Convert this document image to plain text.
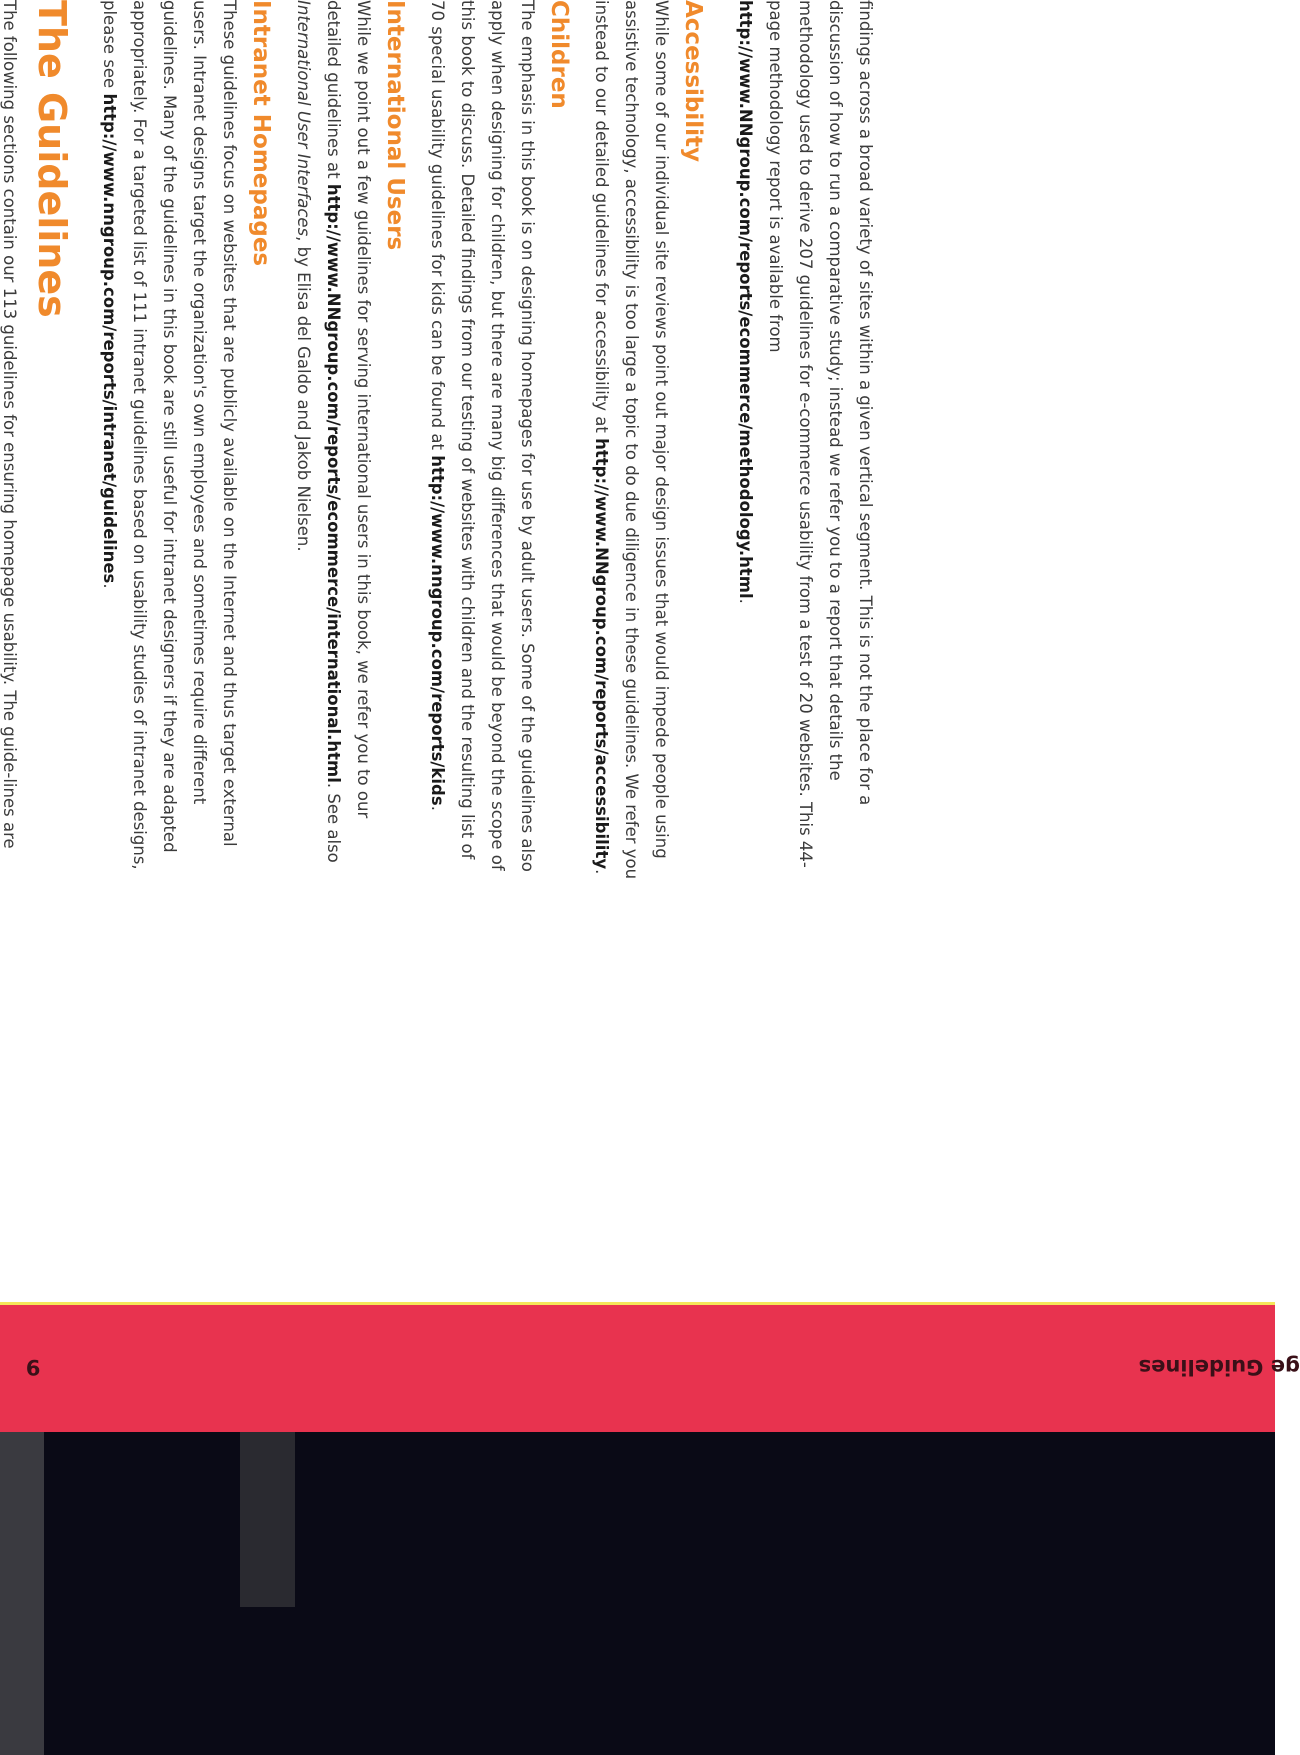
9	ge Guidelines

findings across a broad variety of sites within a given vertical segment. This is not the place for a discussion of how to run a comparative study; instead we refer you to a report that details the methodology used to derive 207 guidelines for e-commerce usability from a test of 20 websites. This 44-page methodology report is available from http://www.NNgroup.com/reports/ecommerce/methodology.html.

Accessibility

While some of our individual site reviews point out major design issues that would impede people using assistive technology, accessibility is too large a topic to do due diligence in these guidelines. We refer you instead to our detailed guidelines for accessibility at http://www.NNgroup.com/reports/accessibility.

Children

The emphasis in this book is on designing homepages for use by adult users. Some of the guidelines also apply when designing for children, but there are many big differences that would be beyond the scope of this book to discuss. Detailed findings from our testing of websites with children and the resulting list of 70 special usability guidelines for kids can be found at http://www.nngroup.com/reports/kids.

International Users

While we point out a few guidelines for serving international users in this book, we refer you to our detailed guidelines at http://www.NNgroup.com/reports/ecommerce/international.html. See also International User Interfaces, by Elisa del Galdo and Jakob Nielsen.

Intranet Homepages

These guidelines focus on websites that are publicly available on the Internet and thus target external users. Intranet designs target the organization's own employees and sometimes require different guidelines. Many of the guidelines in this book are still useful for intranet designers if they are adapted appropriately. For a targeted list of 111 intranet guidelines based on usability studies of intranet designs, please see http://www.nngroup.com/reports/intranet/guidelines.

The Guidelines

The following sections contain our 113 guidelines for ensuring homepage usability. The guide-lines are
